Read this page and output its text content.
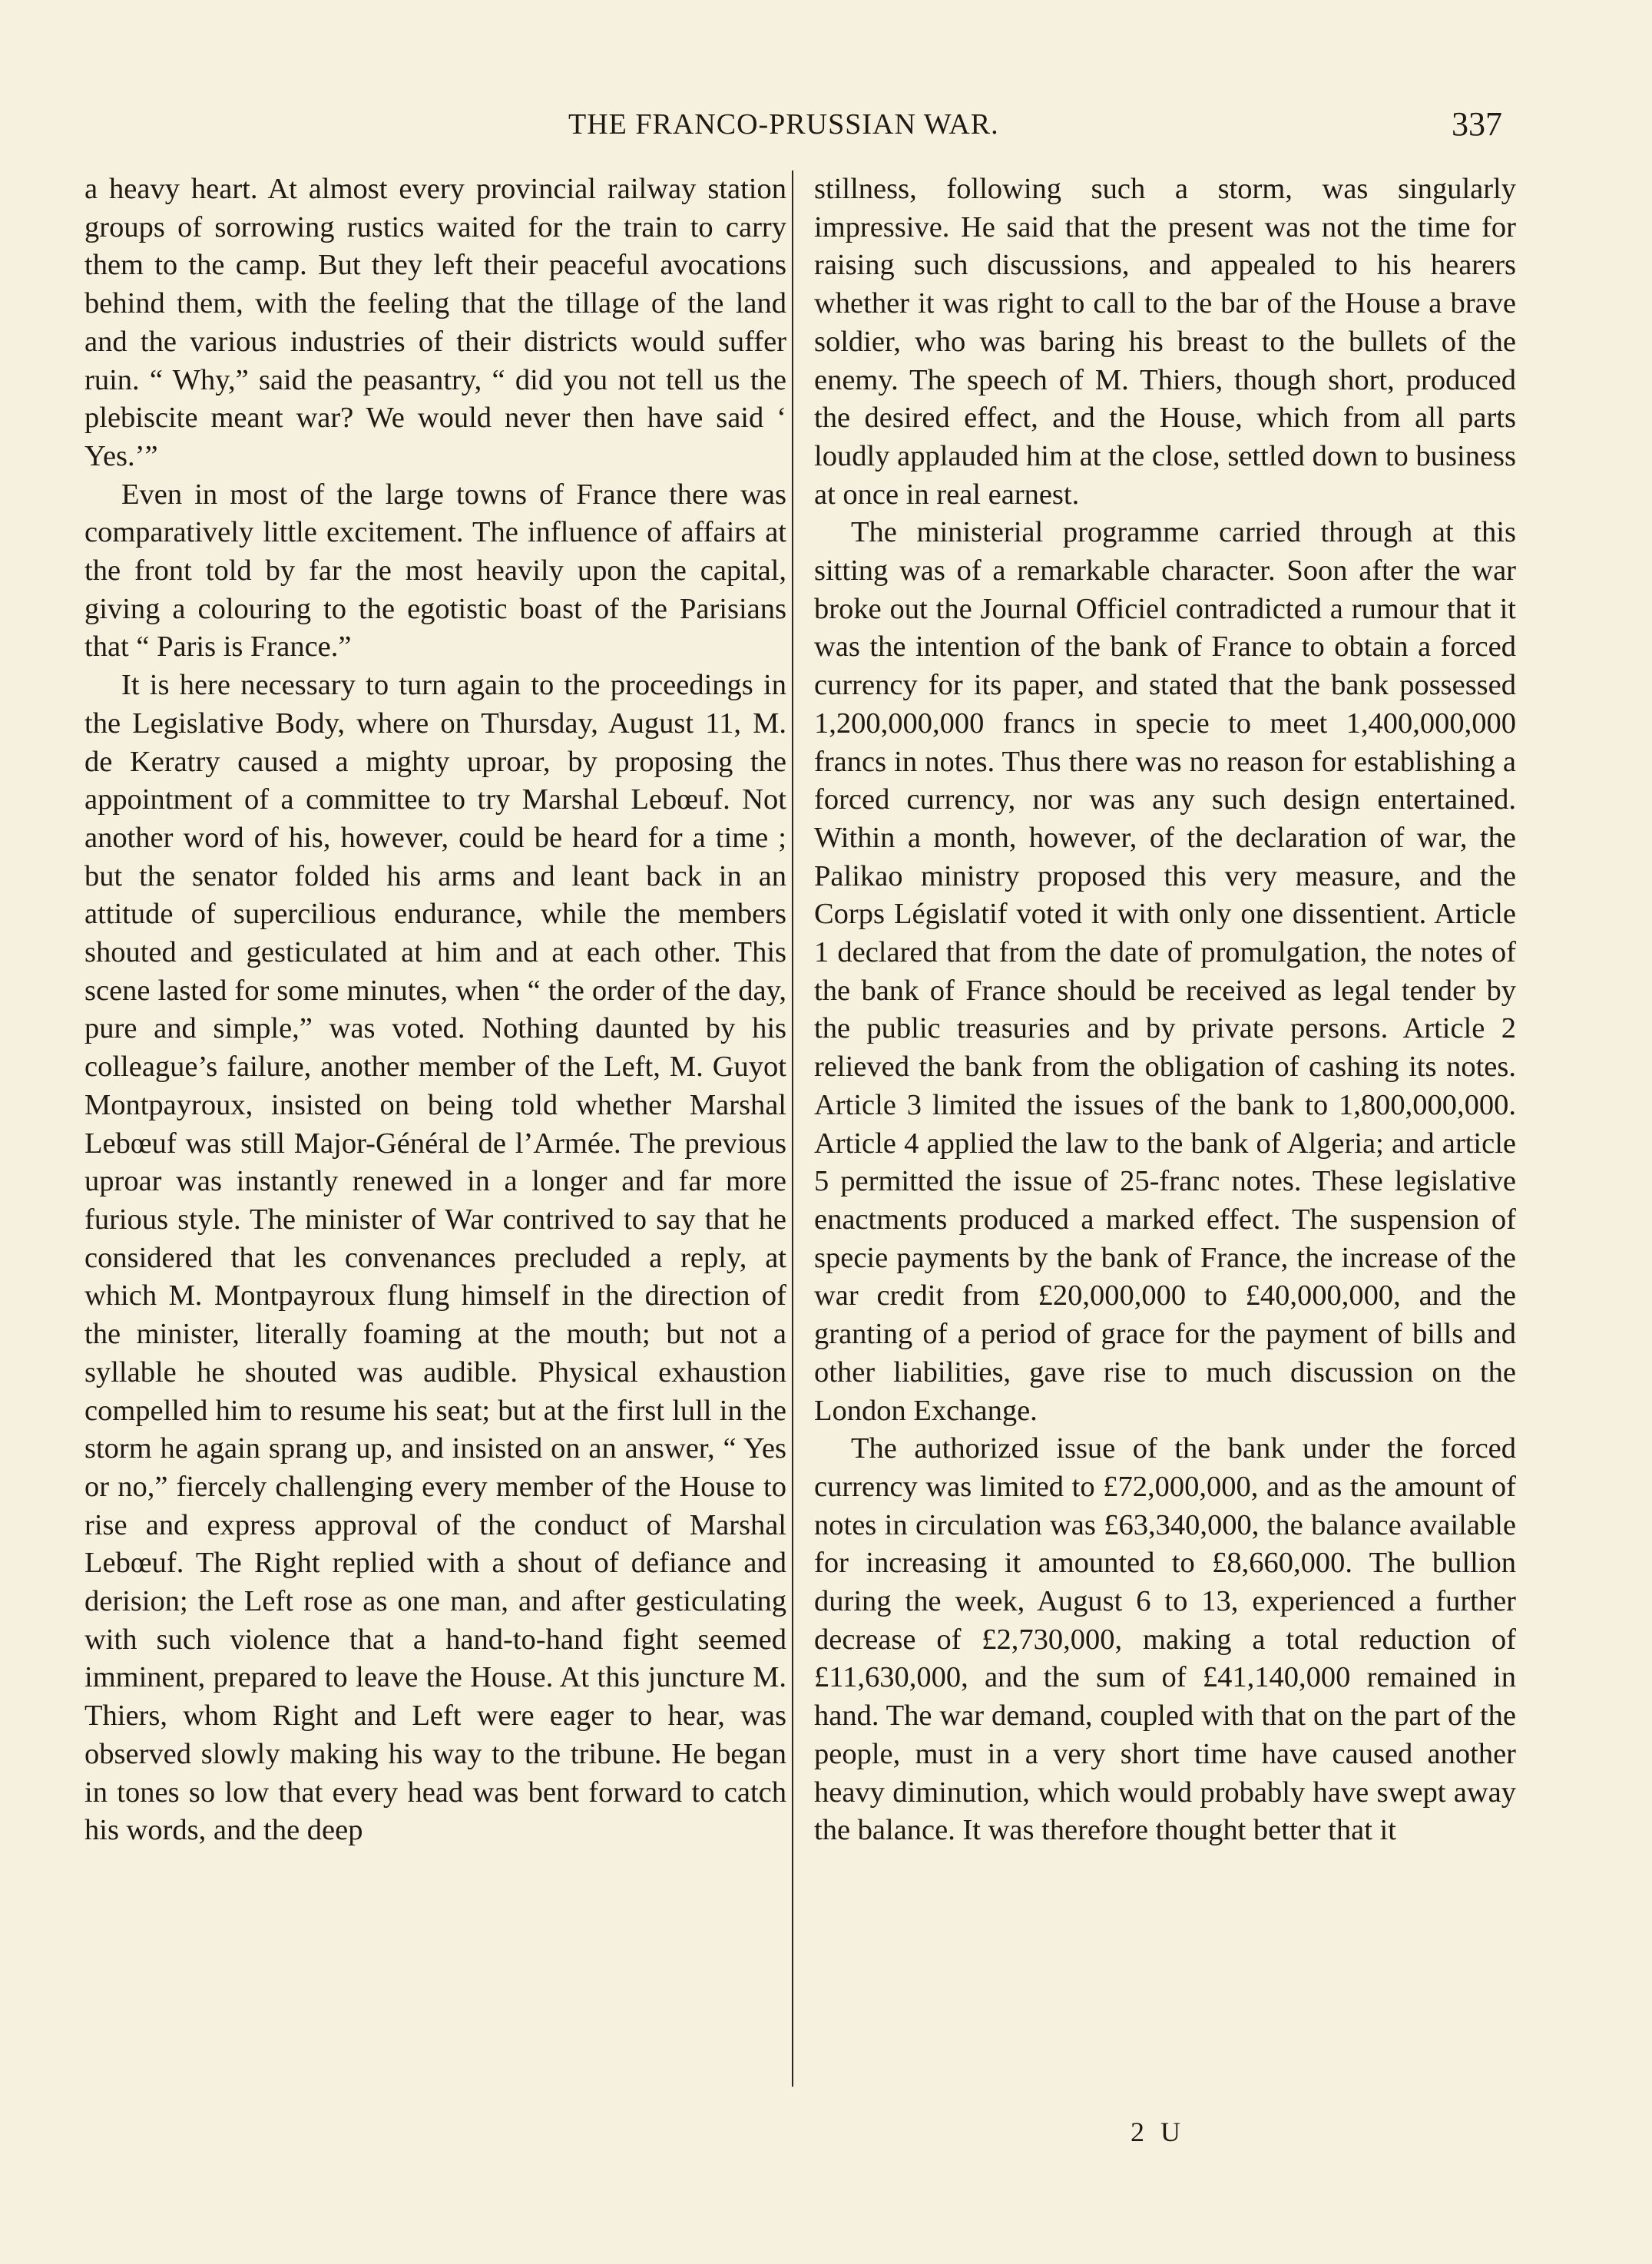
THE FRANCO-PRUSSIAN WAR.	337

a heavy heart. At almost every provincial railway station groups of sorrowing rustics waited for the train to carry them to the camp. But they left their peaceful avocations behind them, with the feeling that the tillage of the land and the various industries of their districts would suffer ruin. “ Why,” said the peasantry, “ did you not tell us the plebiscite meant war? We would never then have said ‘ Yes.’”

Even in most of the large towns of France there was comparatively little excitement. The influence of affairs at the front told by far the most heavily upon the capital, giving a colouring to the egotistic boast of the Parisians that “ Paris is France.”

It is here necessary to turn again to the proceedings in the Legislative Body, where on Thursday, August 11, M. de Keratry caused a mighty uproar, by proposing the appointment of a committee to try Marshal Lebœuf. Not another word of his, however, could be heard for a time ; but the senator folded his arms and leant back in an attitude of supercilious endurance, while the members shouted and gesticulated at him and at each other. This scene lasted for some minutes, when “ the order of the day, pure and simple,” was voted. Nothing daunted by his colleague’s failure, another member of the Left, M. Guyot Montpayroux, insisted on being told whether Marshal Lebœuf was still Major-Général de l’Armée. The previous uproar was instantly renewed in a longer and far more furious style. The minister of War contrived to say that he considered that les convenances precluded a reply, at which M. Montpayroux flung himself in the direction of the minister, literally foaming at the mouth; but not a syllable he shouted was audible. Physical exhaustion compelled him to resume his seat; but at the first lull in the storm he again sprang up, and insisted on an answer, “ Yes or no,” fiercely challenging every member of the House to rise and express approval of the conduct of Marshal Lebœuf. The Right replied with a shout of defiance and derision; the Left rose as one man, and after gesticulating with such violence that a hand-to-hand fight seemed imminent, prepared to leave the House. At this juncture M. Thiers, whom Right and Left were eager to hear, was observed slowly making his way to the tribune. He began in tones so low that every head was bent forward to catch his words, and the deep

stillness, following such a storm, was singularly impressive. He said that the present was not the time for raising such discussions, and appealed to his hearers whether it was right to call to the bar of the House a brave soldier, who was baring his breast to the bullets of the enemy. The speech of M. Thiers, though short, produced the desired effect, and the House, which from all parts loudly applauded him at the close, settled down to business at once in real earnest.

The ministerial programme carried through at this sitting was of a remarkable character. Soon after the war broke out the Journal Officiel contradicted a rumour that it was the intention of the bank of France to obtain a forced currency for its paper, and stated that the bank possessed 1,200,000,000 francs in specie to meet 1,400,000,000 francs in notes. Thus there was no reason for establishing a forced currency, nor was any such design entertained. Within a month, however, of the declaration of war, the Palikao ministry proposed this very measure, and the Corps Législatif voted it with only one dissentient. Article 1 declared that from the date of promulgation, the notes of the bank of France should be received as legal tender by the public treasuries and by private persons. Article 2 relieved the bank from the obligation of cashing its notes. Article 3 limited the issues of the bank to 1,800,000,000. Article 4 applied the law to the bank of Algeria; and article 5 permitted the issue of 25-franc notes. These legislative enactments produced a marked effect. The suspension of specie payments by the bank of France, the increase of the war credit from £20,000,000 to £40,000,000, and the granting of a period of grace for the payment of bills and other liabilities, gave rise to much discussion on the London Exchange.

The authorized issue of the bank under the forced currency was limited to £72,000,000, and as the amount of notes in circulation was £63,340,000, the balance available for increasing it amounted to £8,660,000. The bullion during the week, August 6 to 13, experienced a further decrease of £2,730,000, making a total reduction of £11,630,000, and the sum of £41,140,000 remained in hand. The war demand, coupled with that on the part of the people, must in a very short time have caused another heavy diminution, which would probably have swept away the balance. It was therefore thought better that it

2 U
